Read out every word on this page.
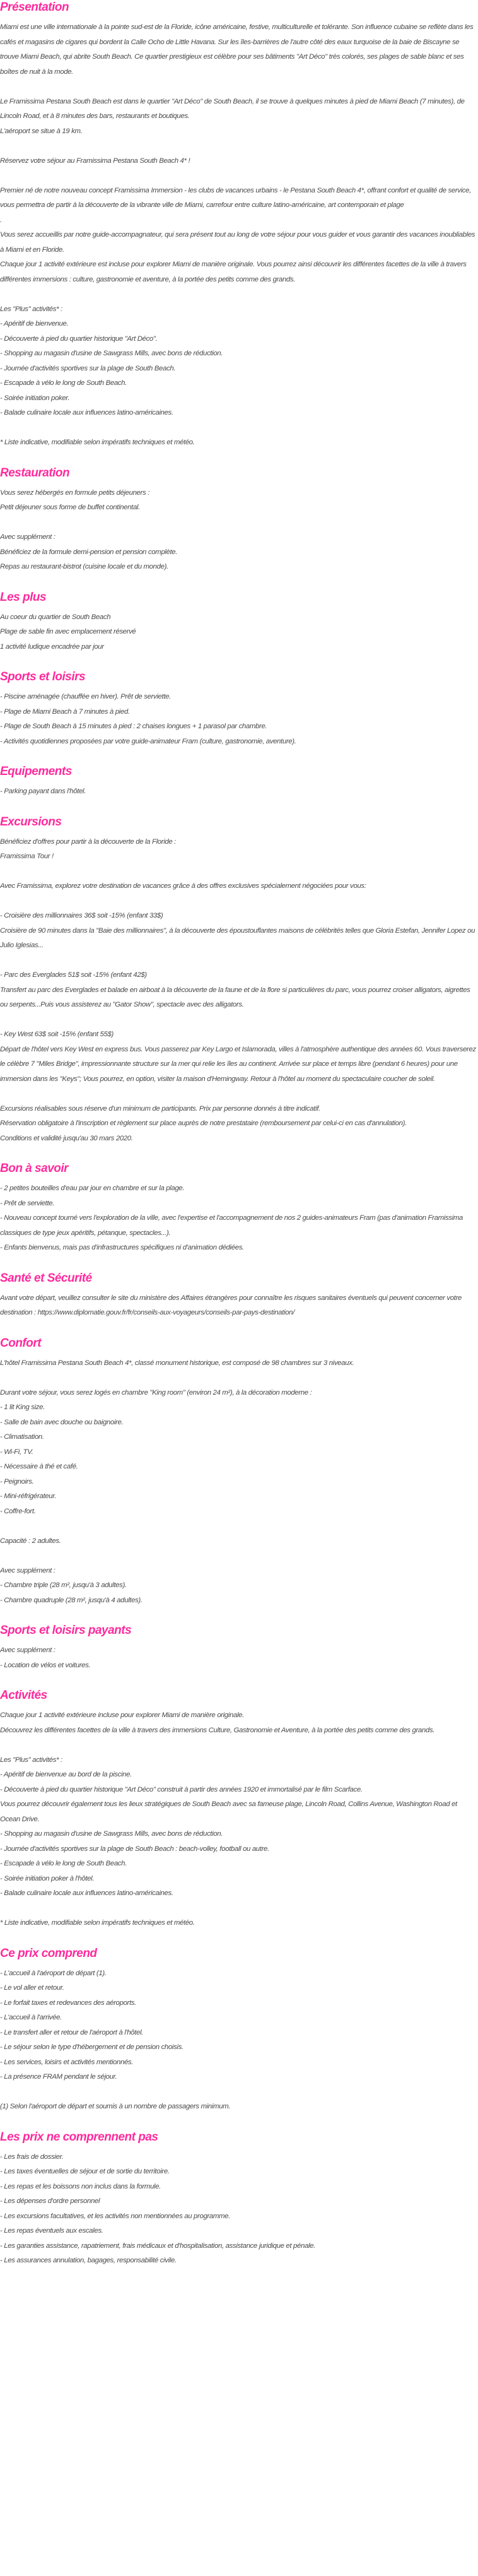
Présentation

Miami est une ville internationale à la pointe sud-est de la Floride, icône américaine, festive, multiculturelle et tolérante. Son influence cubaine se reflète dans les cafés et magasins de cigares qui bordent la Calle Ocho de Little Havana. Sur les îles-barrières de l'autre côté des eaux turquoise de la baie de Biscayne se trouve Miami Beach, qui abrite South Beach. Ce quartier prestigieux est célèbre pour ses bâtiments "Art Déco" très colorés, ses plages de sable blanc et ses boîtes de nuit à la mode.

Le Framissima Pestana South Beach est dans le quartier "Art Déco" de South Beach, il se trouve à quelques minutes à pied de Miami Beach (7 minutes), de Lincoln Road, et à 8 minutes des bars, restaurants et boutiques.

L'aéroport se situe à 19 km.

Réservez votre séjour au Framissima Pestana South Beach 4* !

Premier né de notre nouveau concept Framissima Immersion - les clubs de vacances urbains - le Pestana South Beach 4*, offrant confort et qualité de service, vous permettra de partir à la découverte de la vibrante ville de Miami, carrefour entre culture latino-américaine, art contemporain et plage

.

Vous serez accueillis par notre guide-accompagnateur, qui sera présent tout au long de votre séjour pour vous guider et vous garantir des vacances inoubliables à Miami et en Floride.

Chaque jour 1 activité extérieure est incluse pour explorer Miami de manière originale. Vous pourrez ainsi découvrir les différentes facettes de la ville à travers différentes immersions : culture, gastronomie et aventure, à la portée des petits comme des grands.

Les "Plus" activités* :

- Apéritif de bienvenue.

- Découverte à pied du quartier historique "Art Déco".

- Shopping au magasin d'usine de Sawgrass Mills, avec bons de réduction.

- Journée d'activités sportives sur la plage de South Beach.

- Escapade à vélo le long de South Beach.

- Soirée initiation poker.

- Balade culinaire locale aux influences latino-américaines.

* Liste indicative, modifiable selon impératifs techniques et météo.

Restauration

Vous serez hébergés en formule petits déjeuners :

Petit déjeuner sous forme de buffet continental.

Avec supplément :

Bénéficiez de la formule demi-pension et pension complète.

Repas au restaurant-bistrot (cuisine locale et du monde).

Les plus

Au coeur du quartier de South Beach

Plage de sable fin avec emplacement réservé

1 activité ludique encadrée par jour

Sports et loisirs

- Piscine aménagée (chauffée en hiver). Prêt de serviette.

- Plage de Miami Beach à 7 minutes à pied.

- Plage de South Beach à 15 minutes à pied : 2 chaises longues + 1 parasol par chambre.

- Activités quotidiennes proposées par votre guide-animateur Fram (culture, gastronomie, aventure).

Equipements

- Parking payant dans l'hôtel.

Excursions

Bénéficiez d'offres pour partir à la découverte de la Floride :

Framissima Tour !

Avec Framissima, explorez votre destination de vacances grâce à des offres exclusives spécialement négociées pour vous:

- Croisière des millionnaires 36$ soit -15% (enfant 33$)

Croisière de 90 minutes dans la "Baie des millionnaires", à la découverte des époustouflantes maisons de célébrités telles que Gloria Estefan, Jennifer Lopez ou Julio Iglesias...

- Parc des Everglades 51$ soit -15% (enfant 42$)

Transfert au parc des Everglades et balade en airboat à la découverte de la faune et de la flore si particulières du parc, vous pourrez croiser alligators, aigrettes ou serpents...Puis vous assisterez au "Gator Show", spectacle avec des alligators.

- Key West 63$ soit -15% (enfant 55$)

Départ de l'hôtel vers Key West en express bus. Vous passerez par Key Largo et Islamorada, villes à l'atmosphère authentique des années 60. Vous traverserez le célèbre 7 "Miles Bridge", impressionnante structure sur la mer qui relie les îles au continent. Arrivée sur place et temps libre (pendant 6 heures) pour une immersion dans les "Keys"; Vous pourrez, en option, visiter la maison d'Hemingway. Retour à l'hôtel au moment du spectaculaire coucher de soleil.

Excursions réalisables sous réserve d'un minimum de participants. Prix par personne donnés à titre indicatif.

Réservation obligatoire à l'inscription et règlement sur place auprès de notre prestataire (remboursement par celui-ci en cas d'annulation).

Conditions et validité jusqu'au 30 mars 2020.

Bon à savoir

- 2 petites bouteilles d'eau par jour en chambre et sur la plage.

- Prêt de serviette.

- Nouveau concept tourné vers l'exploration de la ville, avec l'expertise et l'accompagnement de nos 2 guides-animateurs Fram (pas d'animation Framissima classiques de type jeux apéritifs, pétanque, spectacles...).

- Enfants bienvenus, mais pas d'infrastructures spécifiques ni d'animation dédiées.

Santé et Sécurité

Avant votre départ, veuillez consulter le site du ministère des Affaires étrangères pour connaître les risques sanitaires éventuels qui peuvent concerner votre destination : https://www.diplomatie.gouv.fr/fr/conseils-aux-voyageurs/conseils-par-pays-destination/

Confort

L'hôtel Framissima Pestana South Beach 4*, classé monument historique, est composé de 98 chambres sur 3 niveaux.

Durant votre séjour, vous serez logés en chambre "King room" (environ 24 m²), à la décoration moderne :

- 1 lit King size.

- Salle de bain avec douche ou baignoire.

- Climatisation.

- Wi-Fi, TV.

- Nécessaire à thé et café.

- Peignoirs.

- Mini-réfrigérateur.

- Coffre-fort.

Capacité : 2 adultes.

Avec supplément :

- Chambre triple (28 m², jusqu'à 3 adultes).

- Chambre quadruple (28 m², jusqu'à 4 adultes).

Sports et loisirs payants

Avec supplément :

- Location de vélos et voitures.

Activités

Chaque jour 1 activité extérieure incluse pour explorer Miami de manière originale.

Découvrez les différentes facettes de la ville à travers des immersions Culture, Gastronomie et Aventure, à la portée des petits comme des grands.

Les "Plus" activités* :

- Apéritif de bienvenue au bord de la piscine.

- Découverte à pied du quartier historique "Art Déco" construit à partir des années 1920 et immortalisé par le film Scarface.

Vous pourrez découvrir également tous les lieux stratégiques de South Beach avec sa fameuse plage, Lincoln Road, Collins Avenue, Washington Road et Ocean Drive.

- Shopping au magasin d'usine de Sawgrass Mills, avec bons de réduction.

- Journée d'activités sportives sur la plage de South Beach : beach-volley, football ou autre.

- Escapade à vélo le long de South Beach.

- Soirée initiation poker à l'hôtel.

- Balade culinaire locale aux influences latino-américaines.

* Liste indicative, modifiable selon impératifs techniques et météo.

Ce prix comprend

- L'accueil à l'aéroport de départ (1).

- Le vol aller et retour.

- Le forfait taxes et redevances des aéroports.

- L'accueil à l'arrivée.

- Le transfert aller et retour de l'aéroport à l'hôtel.

- Le séjour selon le type d'hébergement et de pension choisis.

- Les services, loisirs et activités mentionnés.

- La présence FRAM pendant le séjour.

(1) Selon l'aéroport de départ et soumis à un nombre de passagers minimum.

Les prix ne comprennent pas

- Les frais de dossier.

- Les taxes éventuelles de séjour et de sortie du territoire.

- Les repas et les boissons non inclus dans la formule.

- Les dépenses d'ordre personnel

- Les excursions facultatives, et les activités non mentionnées au programme.

- Les repas éventuels aux escales.

- Les garanties assistance, rapatriement, frais médicaux et d'hospitalisation, assistance juridique et pénale.

- Les assurances annulation, bagages, responsabilité civile.
